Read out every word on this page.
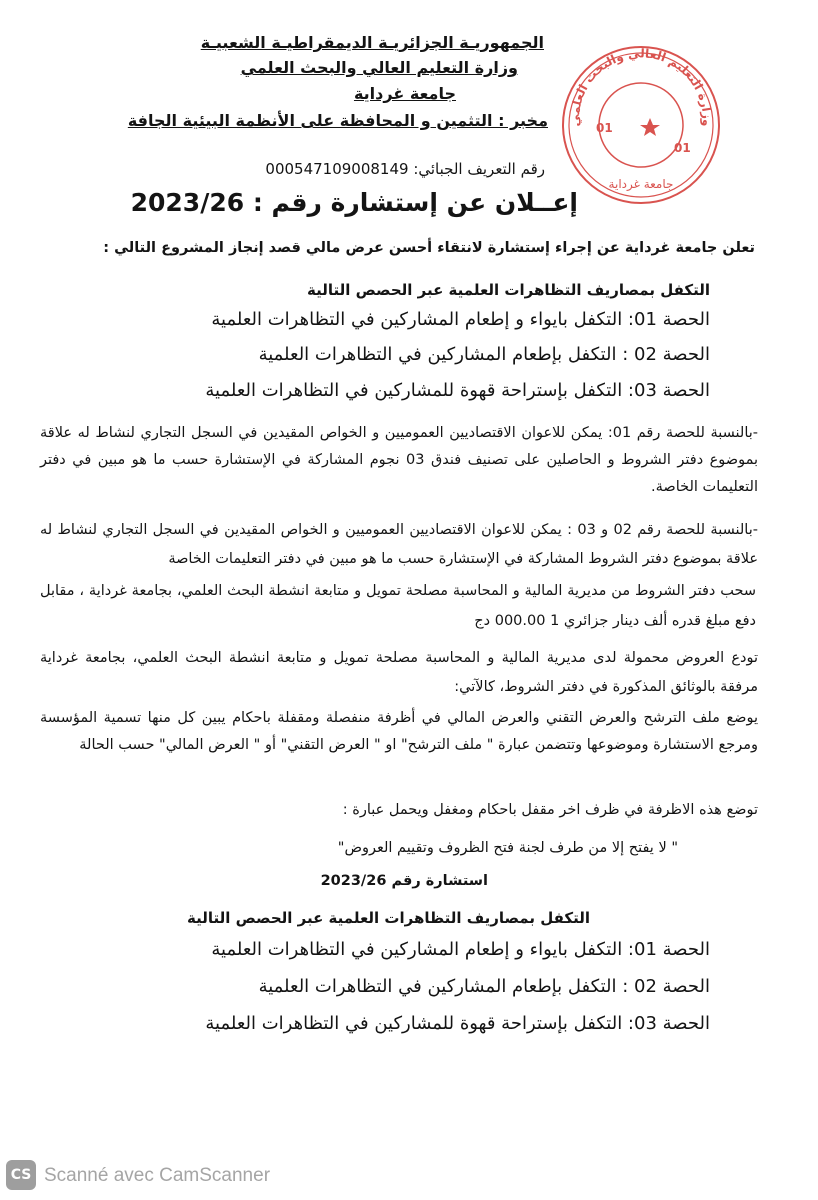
الجمهوريـة الجزائريـة الديمقراطيـة الشعبيـة
وزارة التعليم العالي والبحث العلمي
جامعة غرداية
مخبر : التثمين و المحافظة على الأنظمة البيئية الجافة وزارة التعليم العالي والبحث العلمي
01
01
جامعة غرداية
رقم التعريف الجبائي: 000547109008149
إعــلان عن إستشارة رقم : 2023/26
تعلن جامعة غرداية عن إجراء إستشارة لانتقاء أحسن عرض مالي قصد إنجاز المشروع التالي :
التكفل بمصاريف التظاهرات العلمية عبر الحصص التالية
الحصة 01: التكفل بايواء و إطعام المشاركين في التظاهرات العلمية
الحصة 02 : التكفل بإطعام المشاركين في التظاهرات العلمية
الحصة 03: التكفل بإستراحة قهوة للمشاركين في التظاهرات العلمية
-بالنسبة للحصة رقم 01: يمكن للاعوان الاقتصاديين العموميين و الخواص المقيدين في السجل التجاري لنشاط له علاقة بموضوع دفتر الشروط و الحاصلين على تصنيف فندق 03 نجوم المشاركة في الإستشارة حسب ما هو مبين في دفتر التعليمات الخاصة.
-بالنسبة للحصة رقم 02 و 03 : يمكن للاعوان الاقتصاديين العموميين و الخواص المقيدين في السجل التجاري لنشاط له علاقة بموضوع دفتر الشروط المشاركة في الإستشارة حسب ما هو مبين في دفتر التعليمات الخاصة
سحب دفتر الشروط من مديرية المالية و المحاسبة مصلحة تمويل و متابعة انشطة البحث العلمي، بجامعة غرداية ، مقابل دفع مبلغ قدره ألف دينار جزائري 1 000.00 دج
تودع العروض محمولة لدى مديرية المالية و المحاسبة مصلحة تمويل و متابعة انشطة البحث العلمي، بجامعة غرداية مرفقة بالوثائق المذكورة في دفتر الشروط، كالآتي:
يوضع ملف الترشح والعرض التقني والعرض المالي في أظرفة منفصلة ومقفلة باحكام يبين كل منها تسمية المؤسسة ومرجع الاستشارة وموضوعها وتتضمن عبارة " ملف الترشح" او " العرض التقني" أو " العرض المالي" حسب الحالة
توضع هذه الاظرفة في ظرف اخر مقفل باحكام ومغفل ويحمل عبارة :
" لا يفتح إلا من طرف لجنة فتح الظروف وتقييم العروض"
استشارة رقم 2023/26
التكفل بمصاريف التظاهرات العلمية عبر الحصص التالية
الحصة 01: التكفل بايواء و إطعام المشاركين في التظاهرات العلمية
الحصة 02 : التكفل بإطعام المشاركين في التظاهرات العلمية
الحصة 03: التكفل بإستراحة قهوة للمشاركين في التظاهرات العلمية
CS Scanné avec CamScanner
